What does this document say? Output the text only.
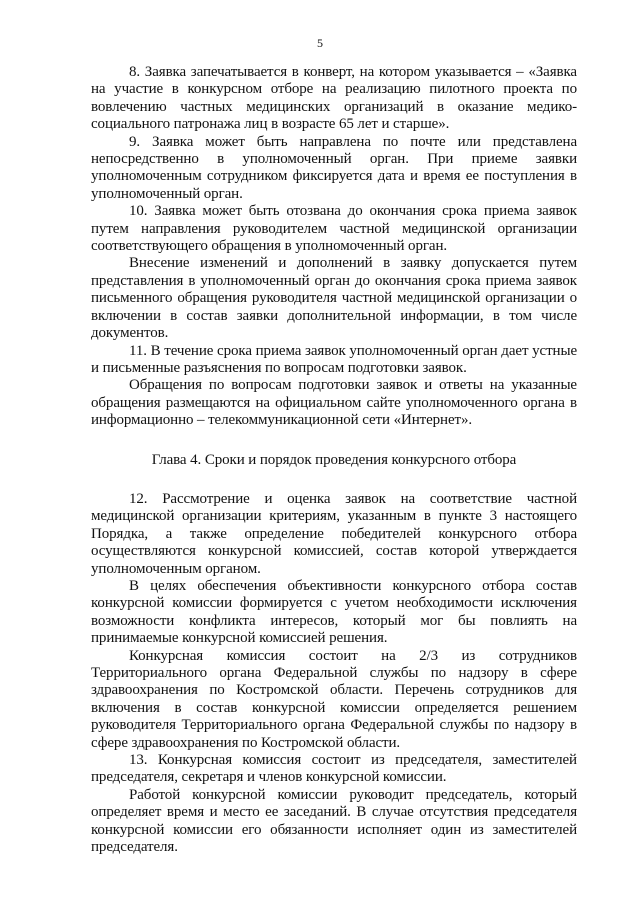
5

8. Заявка запечатывается в конверт, на котором указывается – «Заявка на участие в конкурсном отборе на реализацию пилотного проекта по вовлечению частных медицинских организаций в оказание медико-социального патронажа лиц в возрасте 65 лет и старше».

9. Заявка может быть направлена по почте или представлена непосредственно в уполномоченный орган. При приеме заявки уполномоченным сотрудником фиксируется дата и время ее поступления в уполномоченный орган.

10. Заявка может быть отозвана до окончания срока приема заявок путем направления руководителем частной медицинской организации соответствующего обращения в уполномоченный орган.

Внесение изменений и дополнений в заявку допускается путем представления в уполномоченный орган до окончания срока приема заявок письменного обращения руководителя частной медицинской организации о включении в состав заявки дополнительной информации, в том числе документов.

11. В течение срока приема заявок уполномоченный орган дает устные и письменные разъяснения по вопросам подготовки заявок.

Обращения по вопросам подготовки заявок и ответы на указанные обращения размещаются на официальном сайте уполномоченного органа в информационно – телекоммуникационной сети «Интернет».

Глава 4. Сроки и порядок проведения конкурсного отбора

12. Рассмотрение и оценка заявок на соответствие частной медицинской организации критериям, указанным в пункте 3 настоящего Порядка, а также определение победителей конкурсного отбора осуществляются конкурсной комиссией, состав которой утверждается уполномоченным органом.

В целях обеспечения объективности конкурсного отбора состав конкурсной комиссии формируется с учетом необходимости исключения возможности конфликта интересов, который мог бы повлиять на принимаемые конкурсной комиссией решения.

Конкурсная комиссия состоит на 2/3 из сотрудников Территориального органа Федеральной службы по надзору в сфере здравоохранения по Костромской области. Перечень сотрудников для включения в состав конкурсной комиссии определяется решением руководителя Территориального органа Федеральной службы по надзору в сфере здравоохранения по Костромской области.

13. Конкурсная комиссия состоит из председателя, заместителей председателя, секретаря и членов конкурсной комиссии.

Работой конкурсной комиссии руководит председатель, который определяет время и место ее заседаний. В случае отсутствия председателя конкурсной комиссии его обязанности исполняет один из заместителей председателя.
